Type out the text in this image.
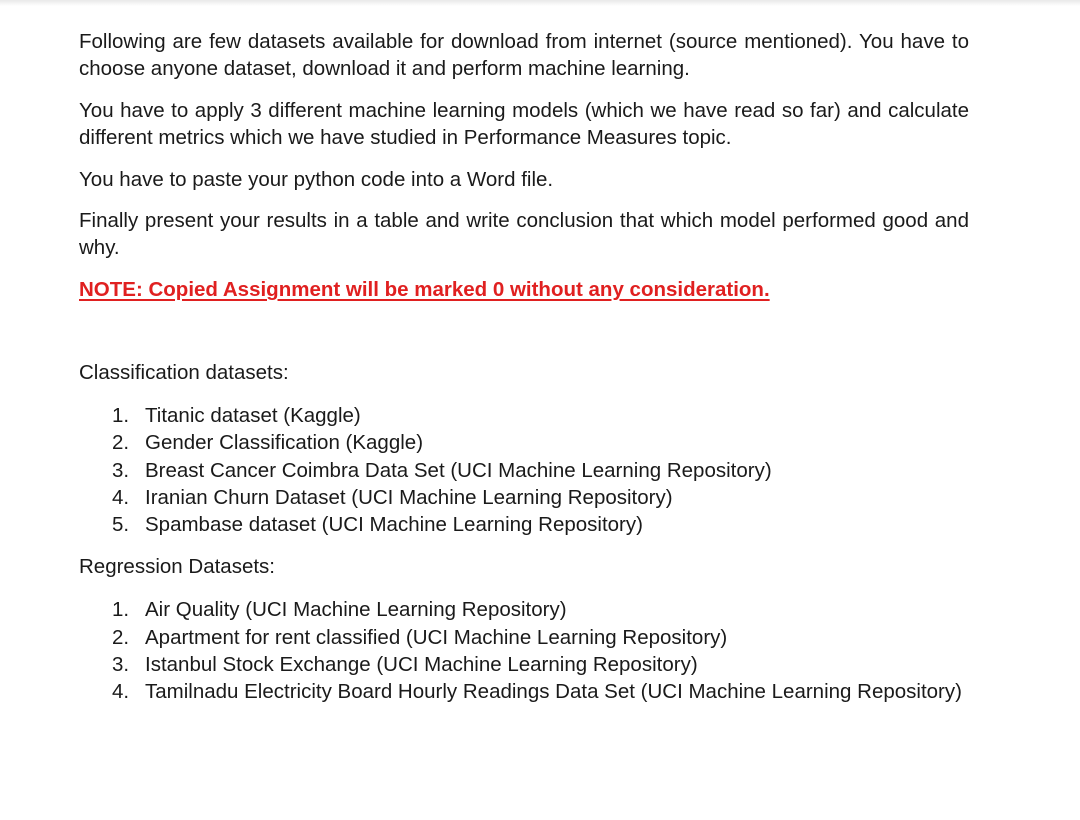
Following are few datasets available for download from internet (source mentioned). You have to choose anyone dataset, download it and perform machine learning.

You have to apply 3 different machine learning models (which we have read so far) and calculate different metrics which we have studied in Performance Measures topic.

You have to paste your python code into a Word file.

Finally present your results in a table and write conclusion that which model performed good and why.

NOTE: Copied Assignment will be marked 0 without any consideration.

Classification datasets:

1. Titanic dataset (Kaggle)
2. Gender Classification (Kaggle)
3. Breast Cancer Coimbra Data Set (UCI Machine Learning Repository)
4. Iranian Churn Dataset (UCI Machine Learning Repository)
5. Spambase dataset (UCI Machine Learning Repository)

Regression Datasets:

1. Air Quality (UCI Machine Learning Repository)
2. Apartment for rent classified (UCI Machine Learning Repository)
3. Istanbul Stock Exchange (UCI Machine Learning Repository)
4. Tamilnadu Electricity Board Hourly Readings Data Set (UCI Machine Learning Repository)
